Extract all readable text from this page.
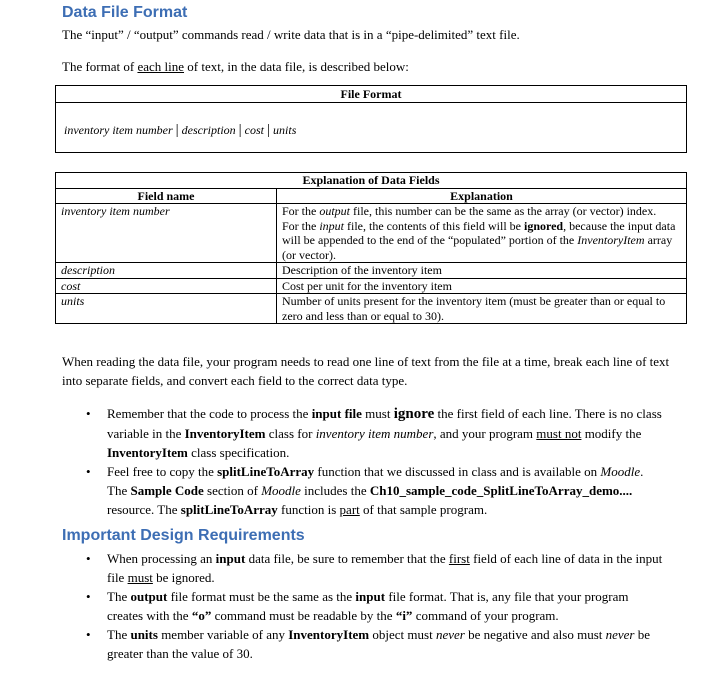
Data File Format

The “input” / “output” commands read / write data that is in a “pipe-delimited” text file.

The format of each line of text, in the data file, is described below:

File Format
inventory item number | description | cost | units
Explanation of Data Fields	
Field name	Explanation
inventory item number	For the output file, this number can be the same as the array (or vector) index.
For the input file, the contents of this field will be ignored, because the input data will be appended to the end of the “populated” portion of the InventoryItem array (or vector).
description	Description of the inventory item
cost	Cost per unit for the inventory item
units	Number of units present for the inventory item (must be greater than or equal to zero and less than or equal to 30).

When reading the data file, your program needs to read one line of text from the file at a time, break each line of text into separate fields, and convert each field to the correct data type.

• Remember that the code to process the input file must ignore the first field of each line. There is no class variable in the InventoryItem class for inventory item number, and your program must not modify the InventoryItem class specification.
• Feel free to copy the splitLineToArray function that we discussed in class and is available on Moodle. The Sample Code section of Moodle includes the Ch10_sample_code_SplitLineToArray_demo.... resource. The splitLineToArray function is part of that sample program.
Important Design Requirements
• When processing an input data file, be sure to remember that the first field of each line of data in the input file must be ignored.
• The output file format must be the same as the input file format. That is, any file that your program creates with the “o” command must be readable by the “i” command of your program.
• The units member variable of any InventoryItem object must never be negative and also must never be greater than the value of 30.
